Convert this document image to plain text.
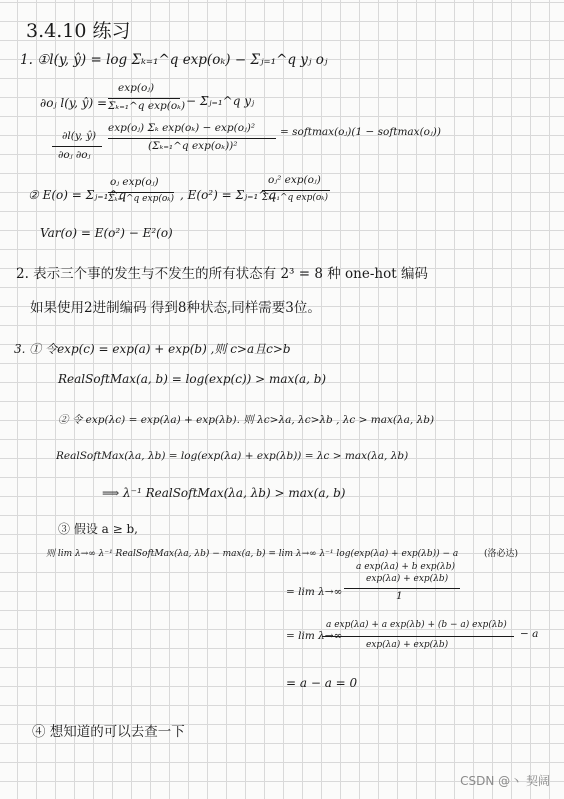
3.4.10 练习
1. ①l(y, ŷ) = log Σₖ₌₁^q exp(oₖ) − Σⱼ₌₁^q yⱼ oⱼ
∂oⱼ l(y, ŷ) =
exp(oⱼ)
Σₖ₌₁^q exp(oₖ) − Σⱼ₌₁^q yⱼ
∂l(y, ŷ)
∂oⱼ ∂oⱼ
exp(oⱼ) Σₖ exp(oₖ) − exp(oⱼ)²
(Σₖ₌₁^q exp(oₖ))²
= softmax(oⱼ)(1 − softmax(oⱼ))
② E(o) = Σⱼ₌₁^q
oⱼ exp(oⱼ)
Σₖ₌₁^q exp(oₖ) , E(o²) = Σⱼ₌₁^q
oⱼ² exp(oⱼ)
Σₖ₌₁^q exp(oₖ)
Var(o) = E(o²) − E²(o)
2. 表示三个事的发生与不发生的所有状态有 2³ = 8 种 one-hot 编码
如果使用2进制编码 得到8种状态,同样需要3位。
3. ① 令exp(c) = exp(a) + exp(b) ,则 c>a且c>b
RealSoftMax(a, b) = log(exp(c)) > max(a, b)
② 令 exp(λc) = exp(λa) + exp(λb). 则 λc>λa, λc>λb , λc > max(λa, λb)
RealSoftMax(λa, λb) = log(exp(λa) + exp(λb)) = λc > max(λa, λb)
⟹ λ⁻¹ RealSoftMax(λa, λb) > max(a, b)
③ 假设 a ≥ b,
则 lim λ→∞ λ⁻¹ RealSoftMax(λa, λb) − max(a, b) = lim λ→∞ λ⁻¹ log(exp(λa) + exp(λb)) − a	(洛必达)
= lim λ→∞
a exp(λa) + b exp(λb)
exp(λa) + exp(λb)
1
= lim λ→∞
a exp(λa) + a exp(λb) + (b − a) exp(λb)
exp(λa) + exp(λb)
− a
= a − a = 0
④ 想知道的可以去查一下
CSDN @丶 契阔
